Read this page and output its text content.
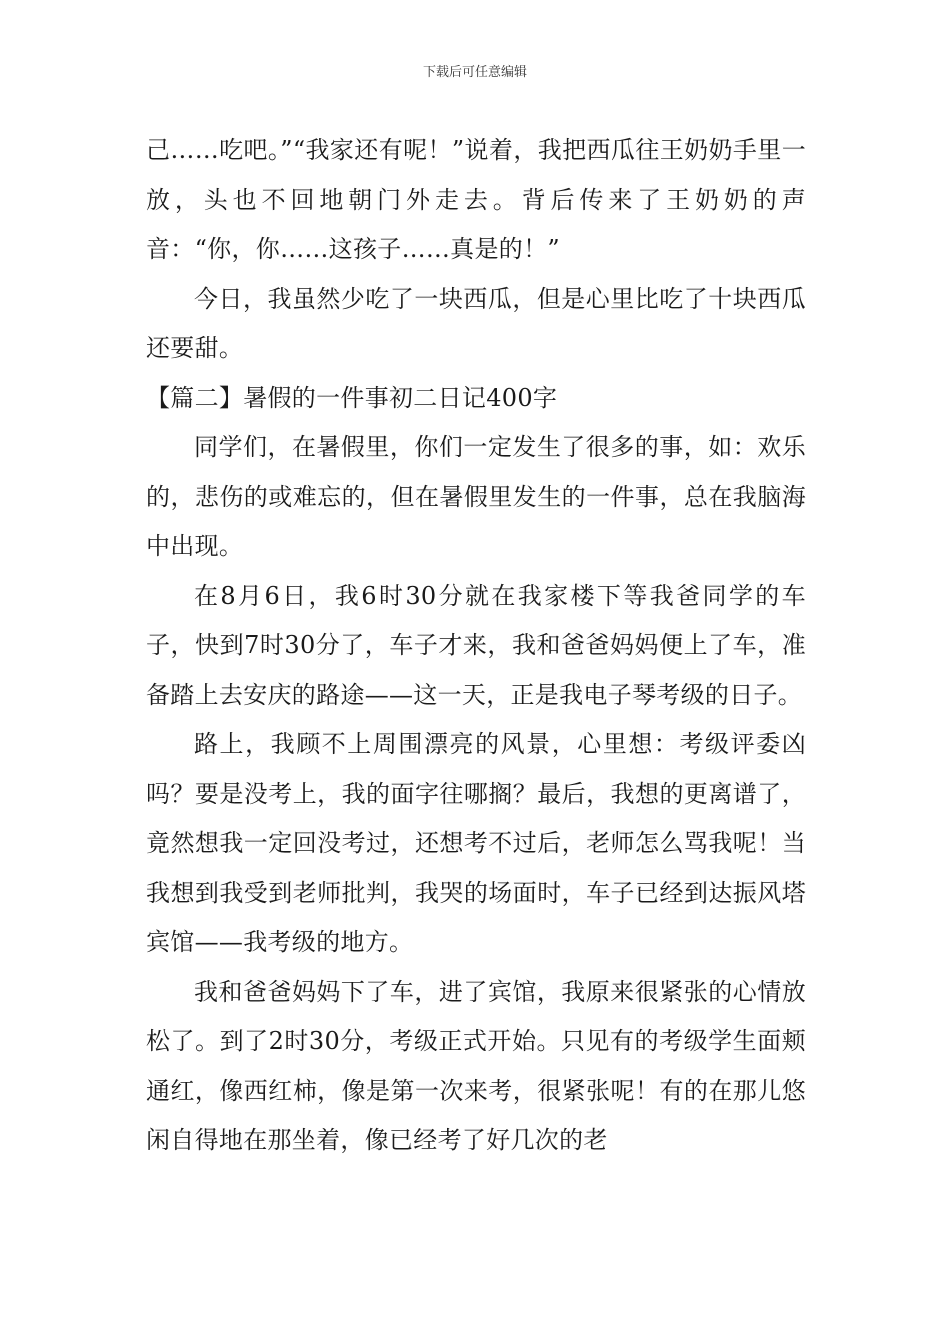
下载后可任意编辑

己……吃吧。”“我家还有呢！”说着，我把西瓜往王奶奶手里一放，头也不回地朝门外走去。背后传来了王奶奶的声音：“你，你……这孩子……真是的！”

今日，我虽然少吃了一块西瓜，但是心里比吃了十块西瓜还要甜。

【篇二】暑假的一件事初二日记400字

同学们，在暑假里，你们一定发生了很多的事，如：欢乐的，悲伤的或难忘的，但在暑假里发生的一件事，总在我脑海中出现。

在8月6日，我6时30分就在我家楼下等我爸同学的车子，快到7时30分了，车子才来，我和爸爸妈妈便上了车，准备踏上去安庆的路途——这一天，正是我电子琴考级的日子。

路上，我顾不上周围漂亮的风景，心里想：考级评委凶吗？要是没考上，我的面字往哪搁？最后，我想的更离谱了，竟然想我一定回没考过，还想考不过后，老师怎么骂我呢！当我想到我受到老师批判，我哭的场面时，车子已经到达振风塔宾馆——我考级的地方。

我和爸爸妈妈下了车，进了宾馆，我原来很紧张的心情放松了。到了2时30分，考级正式开始。只见有的考级学生面颊通红，像西红柿，像是第一次来考，很紧张呢！有的在那儿悠闲自得地在那坐着，像已经考了好几次的老
